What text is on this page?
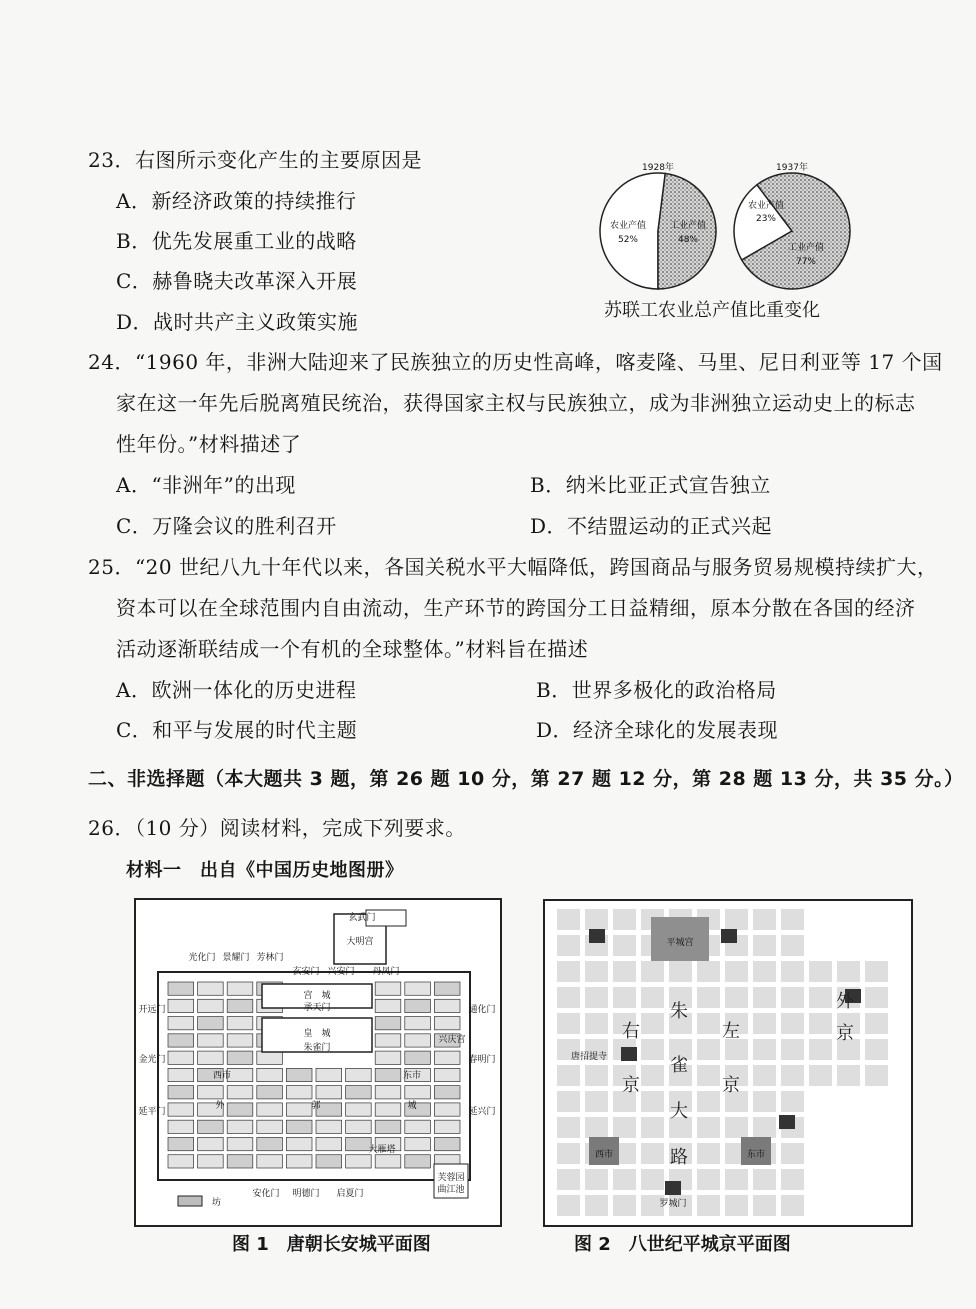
23．右图所示变化产生的主要原因是
A．新经济政策的持续推行
B．优先发展重工业的战略
C．赫鲁晓夫改革深入开展
D．战时共产主义政策实施
1928年
农业产值
52%
工业产值
48%
1937年
农业产值
23%
工业产值
77%
苏联工农业总产值比重变化
24．“1960 年，非洲大陆迎来了民族独立的历史性高峰，喀麦隆、马里、尼日利亚等 17 个国
家在这一年先后脱离殖民统治，获得国家主权与民族独立，成为非洲独立运动史上的标志
性年份。”材料描述了
A．“非洲年”的出现	B．纳米比亚正式宣告独立
C．万隆会议的胜利召开	D．不结盟运动的正式兴起
25．“20 世纪八九十年代以来，各国关税水平大幅降低，跨国商品与服务贸易规模持续扩大，
资本可以在全球范围内自由流动，生产环节的跨国分工日益精细，原本分散在各国的经济
活动逐渐联结成一个有机的全球整体。”材料旨在描述
A．欧洲一体化的历史进程	B．世界多极化的政治格局
C．和平与发展的时代主题	D．经济全球化的发展表现
二、非选择题（本大题共 3 题，第 26 题 10 分，第 27 题 12 分，第 28 题 13 分，共 35 分。）
26．（10 分）阅读材料，完成下列要求。
材料一　出自《中国历史地图册》
玄武门
大明宫
光化门 景耀门 芳林门
玄安门 兴安门 丹凤门
宫　城
承天门
皇　城
朱雀门
开远门
金光门
延平门
通化门
春明门
延兴门
兴庆宫
东市
西市
外	郭	城
大雁塔
芙蓉园
曲江池
安化门 明德门 启夏门
坊
图 1　唐朝长安城平面图
平城宫
朱
雀
大
路
右
京
左
京
外
京
唐招提寺
西市	东市
罗城门
图 2　八世纪平城京平面图
